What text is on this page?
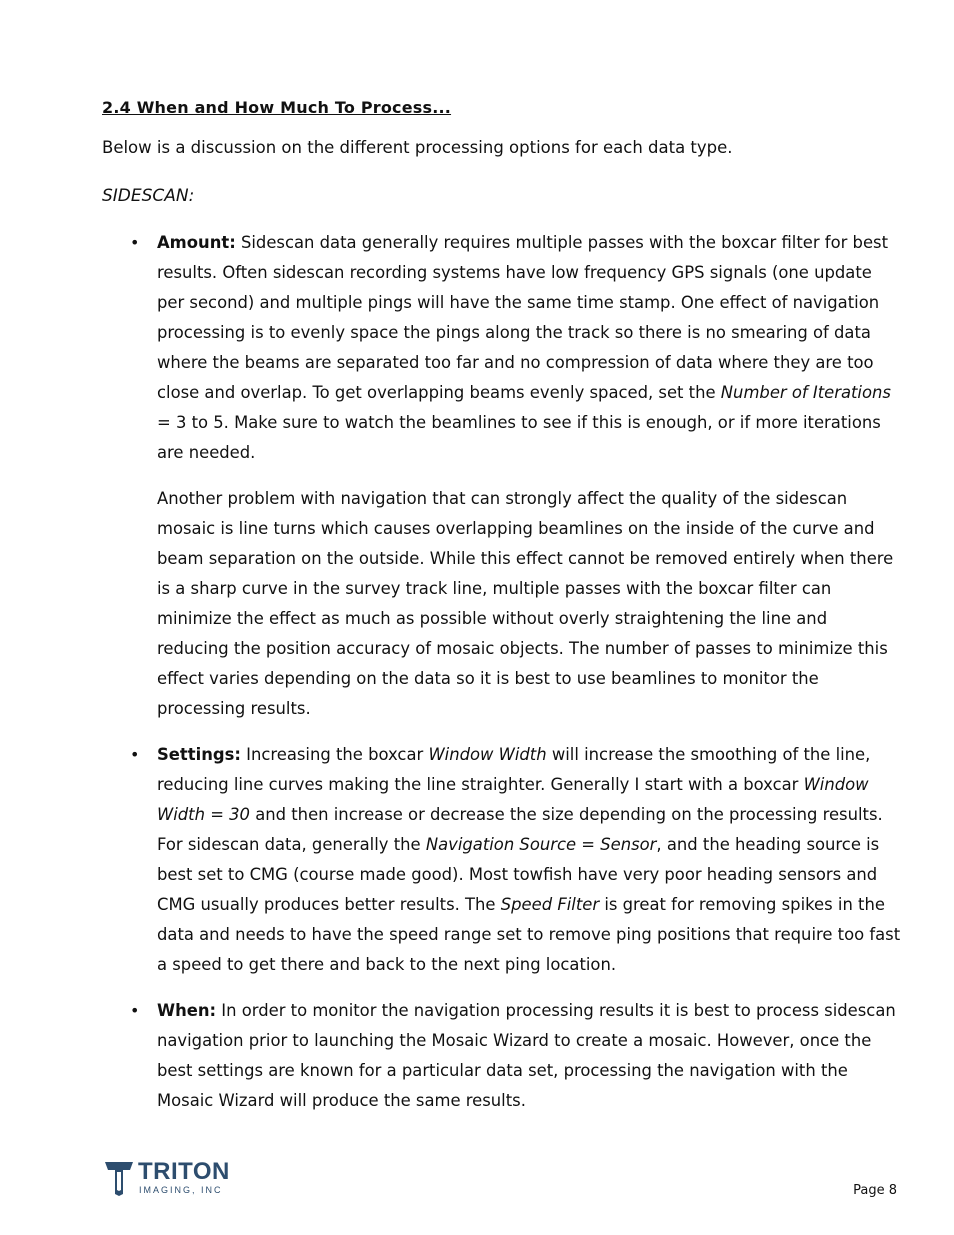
2.4 When and How Much To Process...
Below is a discussion on the different processing options for each data type.
SIDESCAN:
• Amount: Sidescan data generally requires multiple passes with the boxcar filter for best results. Often sidescan recording systems have low frequency GPS signals (one update per second) and multiple pings will have the same time stamp. One effect of navigation processing is to evenly space the pings along the track so there is no smearing of data where the beams are separated too far and no compression of data where they are too close and overlap. To get overlapping beams evenly spaced, set the Number of Iterations = 3 to 5. Make sure to watch the beamlines to see if this is enough, or if more iterations are needed.

Another problem with navigation that can strongly affect the quality of the sidescan mosaic is line turns which causes overlapping beamlines on the inside of the curve and beam separation on the outside. While this effect cannot be removed entirely when there is a sharp curve in the survey track line, multiple passes with the boxcar filter can minimize the effect as much as possible without overly straightening the line and reducing the position accuracy of mosaic objects. The number of passes to minimize this effect varies depending on the data so it is best to use beamlines to monitor the processing results.

• Settings: Increasing the boxcar Window Width will increase the smoothing of the line, reducing line curves making the line straighter. Generally I start with a boxcar Window Width = 30 and then increase or decrease the size depending on the processing results. For sidescan data, generally the Navigation Source = Sensor, and the heading source is best set to CMG (course made good). Most towfish have very poor heading sensors and CMG usually produces better results. The Speed Filter is great for removing spikes in the data and needs to have the speed range set to remove ping positions that require too fast a speed to get there and back to the next ping location.

• When: In order to monitor the navigation processing results it is best to process sidescan navigation prior to launching the Mosaic Wizard to create a mosaic. However, once the best settings are known for a particular data set, processing the navigation with the Mosaic Wizard will produce the same results.

TRITON
IMAGING, INC	Page 8
